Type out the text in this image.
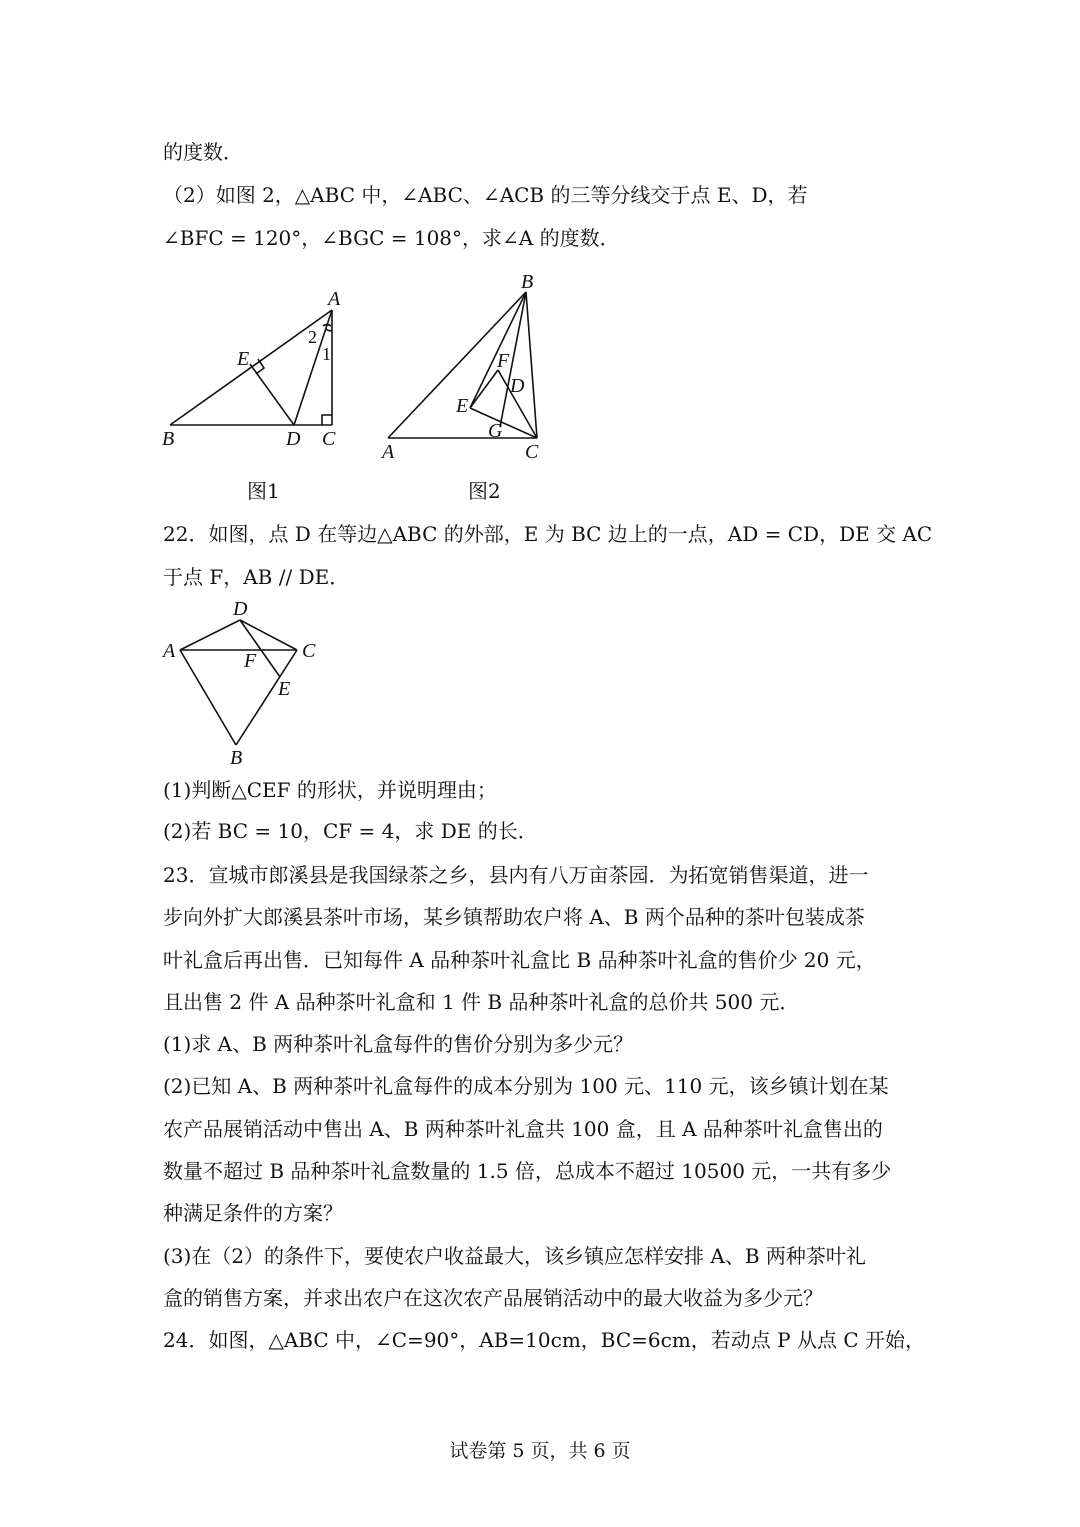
的度数．
（2）如图 2，△ABC 中，∠ABC、∠ACB 的三等分线交于点 E、D，若
∠BFC = 120°，∠BGC = 108°，求∠A 的度数．
A
B	C
D
E	1
2
图1
B
A	C
F
D
E
G
图2
22．如图，点 D 在等边△ABC 的外部，E 为 BC 边上的一点，AD = CD，DE 交 AC
于点 F，AB // DE．
D
A	C
F
E
B
(1)判断△CEF 的形状，并说明理由；
(2)若 BC = 10，CF = 4，求 DE 的长．
23．宣城市郎溪县是我国绿茶之乡，县内有八万亩茶园．为拓宽销售渠道，进一
步向外扩大郎溪县茶叶市场，某乡镇帮助农户将 A、B 两个品种的茶叶包装成茶
叶礼盒后再出售．已知每件 A 品种茶叶礼盒比 B 品种茶叶礼盒的售价少 20 元，
且出售 2 件 A 品种茶叶礼盒和 1 件 B 品种茶叶礼盒的总价共 500 元．
(1)求 A、B 两种茶叶礼盒每件的售价分别为多少元？
(2)已知 A、B 两种茶叶礼盒每件的成本分别为 100 元、110 元，该乡镇计划在某
农产品展销活动中售出 A、B 两种茶叶礼盒共 100 盒，且 A 品种茶叶礼盒售出的
数量不超过 B 品种茶叶礼盒数量的 1.5 倍，总成本不超过 10500 元，一共有多少
种满足条件的方案？
(3)在（2）的条件下，要使农户收益最大，该乡镇应怎样安排 A、B 两种茶叶礼
盒的销售方案，并求出农户在这次农产品展销活动中的最大收益为多少元？
24．如图，△ABC 中，∠C=90°，AB=10cm，BC=6cm，若动点 P 从点 C 开始，
试卷第 5 页，共 6 页
